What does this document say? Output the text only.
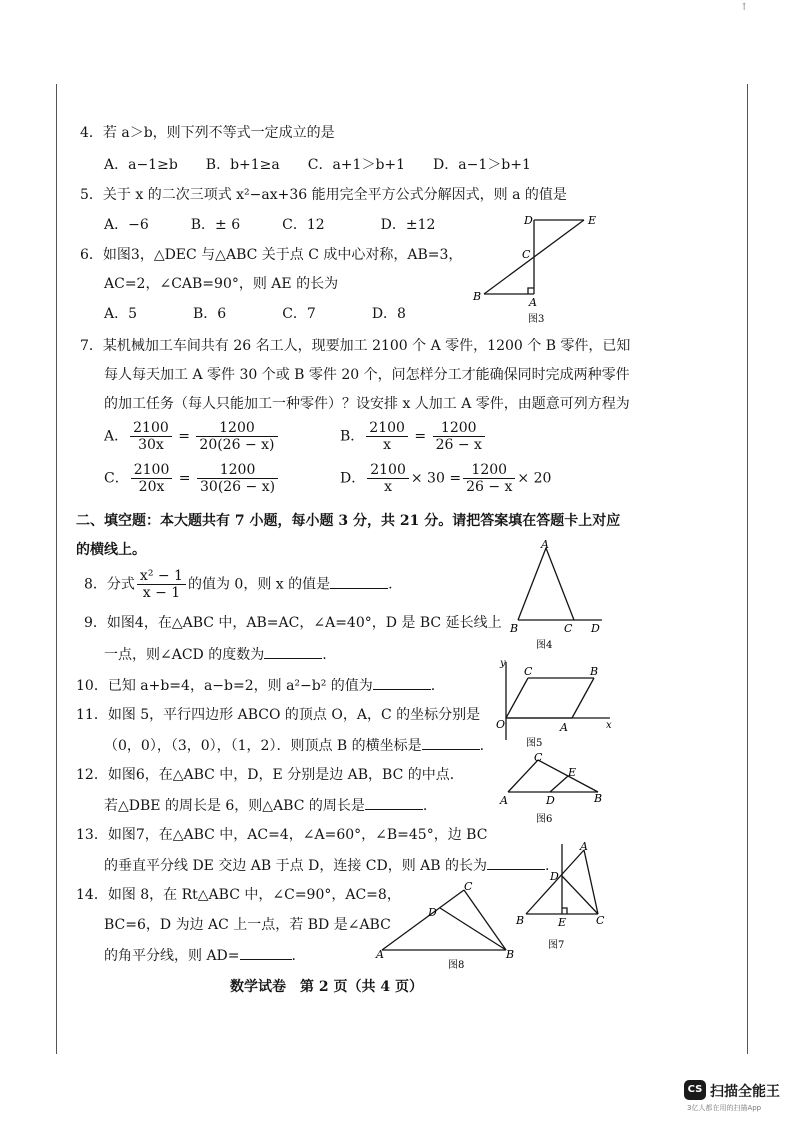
↑
4．若 a＞b，则下列不等式一定成立的是
A．a−1≥b　　B．b+1≥a　　C．a+1＞b+1　　D．a−1＞b+1
5．关于 x 的二次三项式 x²−ax+36 能用完全平方公式分解因式，则 a 的值是
A．−6　　　B．± 6　　　C．12　　　　D．±12
6．如图3，△DEC 与△ABC 关于点 C 成中心对称，AB=3，
AC=2，∠CAB=90°，则 AE 的长为
A．5　　　　B．6　　　　C．7　　　　D．8
D	E
C
B	A
图3
7．某机械加工车间共有 26 名工人，现要加工 2100 个 A 零件，1200 个 B 零件，已知
每人每天加工 A 零件 30 个或 B 零件 20 个，问怎样分工才能确保同时完成两种零件
的加工任务（每人只能加工一种零件）？设安排 x 人加工 A 零件，由题意可列方程为
A． $\frac{2100}{30x} = \frac{1200}{20(26 - x)}$	B． $\frac{2100}{x} = \frac{1200}{26 - x}$
C． $\frac{2100}{20x} = \frac{1200}{30(26 - x)}$	D． $\frac{2100}{x} \times 30 = \frac{1200}{26 - x} \times 20$
二、填空题：本大题共有 7 小题，每小题 3 分，共 21 分。请把答案填在答题卡上对应
的横线上。
8．分式 $\frac{\text{x² − 1}}{x - 1}$ 的值为 0，则 x 的值是	.
A
B	C D
图4
9．如图4，在△ABC 中，AB=AC，∠A=40°，D 是 BC 延长线上
一点，则∠ACD 的度数为	.
10．已知 a+b=4，a−b=2，则 a²−b² 的值为	.
y
C	B
O	A	x
图5
11．如图 5，平行四边形 ABCO 的顶点 O，A，C 的坐标分别是
（0，0），（3，0），（1，2）．则顶点 B 的横坐标是	.
12．如图6，在△ABC 中，D，E 分别是边 AB，BC 的中点．
若△DBE 的周长是 6，则△ABC 的周长是	.
C
E
A	D	B
图6
13．如图7，在△ABC 中，AC=4，∠A=60°，∠B=45°，边 BC
的垂直平分线 DE 交边 AB 于点 D，连接 CD，则 AB 的长为	.
A
D
B	E	C
图7
14．如图 8，在 Rt△ABC 中，∠C=90°，AC=8，
BC=6，D 为边 AC 上一点，若 BD 是∠ABC
的角平分线，则 AD=	.
C
D
A	B
图8
数学试卷　第 2 页（共 4 页）
CS 扫描全能王
3亿人都在用的扫描App
